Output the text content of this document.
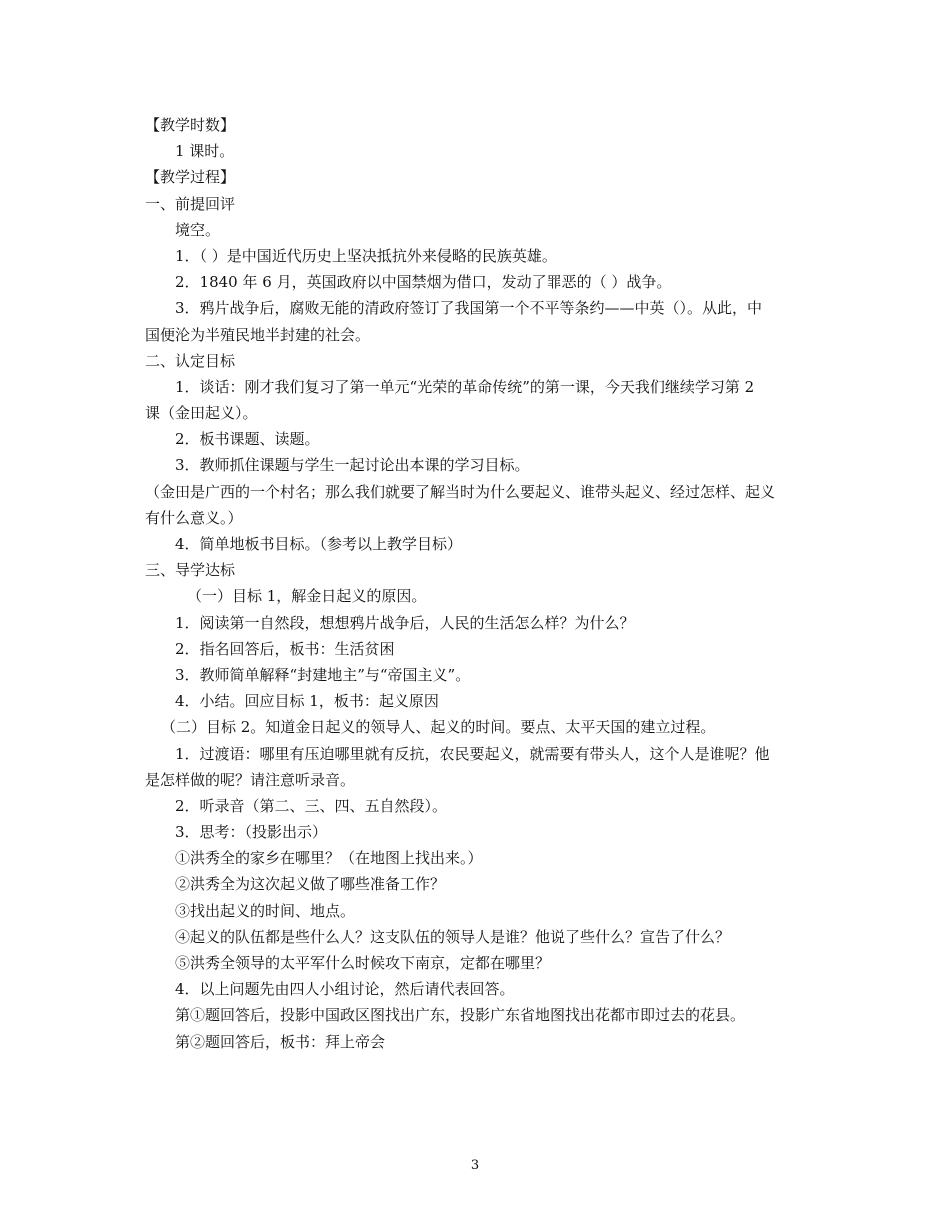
【教学时数】

1 课时。

【教学过程】

一、前提回评

境空。

1．（ ）是中国近代历史上坚决抵抗外来侵略的民族英雄。

2．1840 年 6 月，英国政府以中国禁烟为借口，发动了罪恶的（ ）战争。

3．鸦片战争后，腐败无能的清政府签订了我国第一个不平等条约——中英（）。从此，中

国便沦为半殖民地半封建的社会。

二、认定目标

1．谈话：刚才我们复习了第一单元“光荣的革命传统”的第一课，今天我们继续学习第 2

课（金田起义）。

2．板书课题、读题。

3．教师抓住课题与学生一起讨论出本课的学习目标。

（金田是广西的一个村名；那么我们就要了解当时为什么要起义、谁带头起义、经过怎样、起义

有什么意义。）

4．简单地板书目标。（参考以上教学目标）

三、导学达标

（一）目标 1，解金日起义的原因。

1．阅读第一自然段，想想鸦片战争后，人民的生活怎么样？为什么？

2．指名回答后，板书：生活贫困

3．教师简单解释“封建地主”与“帝国主义”。

4．小结。回应目标 1，板书：起义原因

（二）目标 2。知道金日起义的领导人、起义的时间。要点、太平天国的建立过程。

1．过渡语：哪里有压迫哪里就有反抗，农民要起义，就需要有带头人，这个人是谁呢？他

是怎样做的呢？请注意听录音。

2．听录音（第二、三、四、五自然段）。

3．思考：（投影出示）

①洪秀全的家乡在哪里？（在地图上找出来。）

②洪秀全为这次起义做了哪些准备工作？

③找出起义的时间、地点。

④起义的队伍都是些什么人？这支队伍的领导人是谁？他说了些什么？宣告了什么？

⑤洪秀全领导的太平军什么时候攻下南京，定都在哪里？

4．以上问题先由四人小组讨论，然后请代表回答。

第①题回答后，投影中国政区图找出广东，投影广东省地图找出花都市即过去的花县。

第②题回答后，板书：拜上帝会

3
